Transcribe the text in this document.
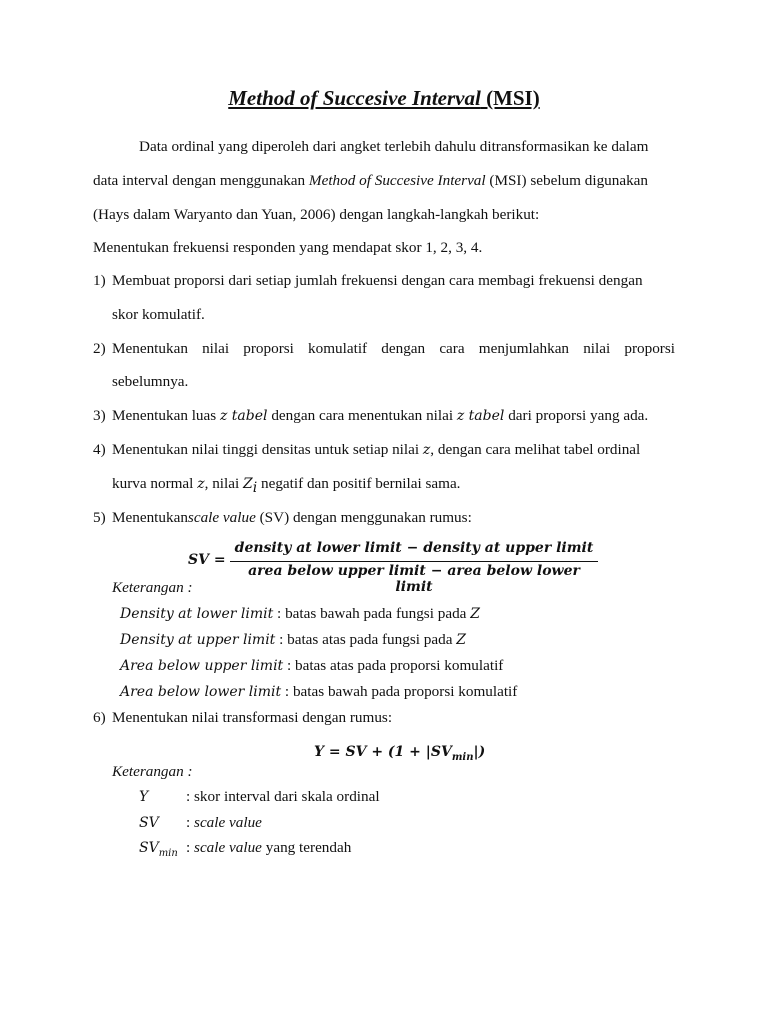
Method of Succesive Interval (MSI)
Data ordinal yang diperoleh dari angket terlebih dahulu ditransformasikan ke dalam
data interval dengan menggunakan Method of Succesive Interval (MSI) sebelum digunakan
(Hays dalam Waryanto dan Yuan, 2006) dengan langkah-langkah berikut:
Menentukan frekuensi responden yang mendapat skor 1, 2, 3, 4.
1) Membuat proporsi dari setiap jumlah frekuensi dengan cara membagi frekuensi dengan
skor komulatif.
2) Menentukan nilai proporsi komulatif dengan cara menjumlahkan nilai proporsi
sebelumnya.
3) Menentukan luas z tabel dengan cara menentukan nilai z tabel dari proporsi yang ada.
4) Menentukan nilai tinggi densitas untuk setiap nilai z, dengan cara melihat tabel ordinal
kurva normal z, nilai $Z_i$ negatif dan positif bernilai sama.
5) Menentukanscale value (SV) dengan menggunakan rumus:
SV =
density at lower limit − density at upper limit
area below upper limit − area below lower limit
Keterangan :
Density at lower limit : batas bawah pada fungsi pada Z
Density at upper limit : batas atas pada fungsi pada Z
Area below upper limit : batas atas pada proporsi komulatif
Area below lower limit : batas bawah pada proporsi komulatif
6) Menentukan nilai transformasi dengan rumus:
Y = SV + $(1 + |SV_{min}|)$
Keterangan :
Y : skor interval dari skala ordinal
SV : scale value
$SV_{min}$ : scale value yang terendah
